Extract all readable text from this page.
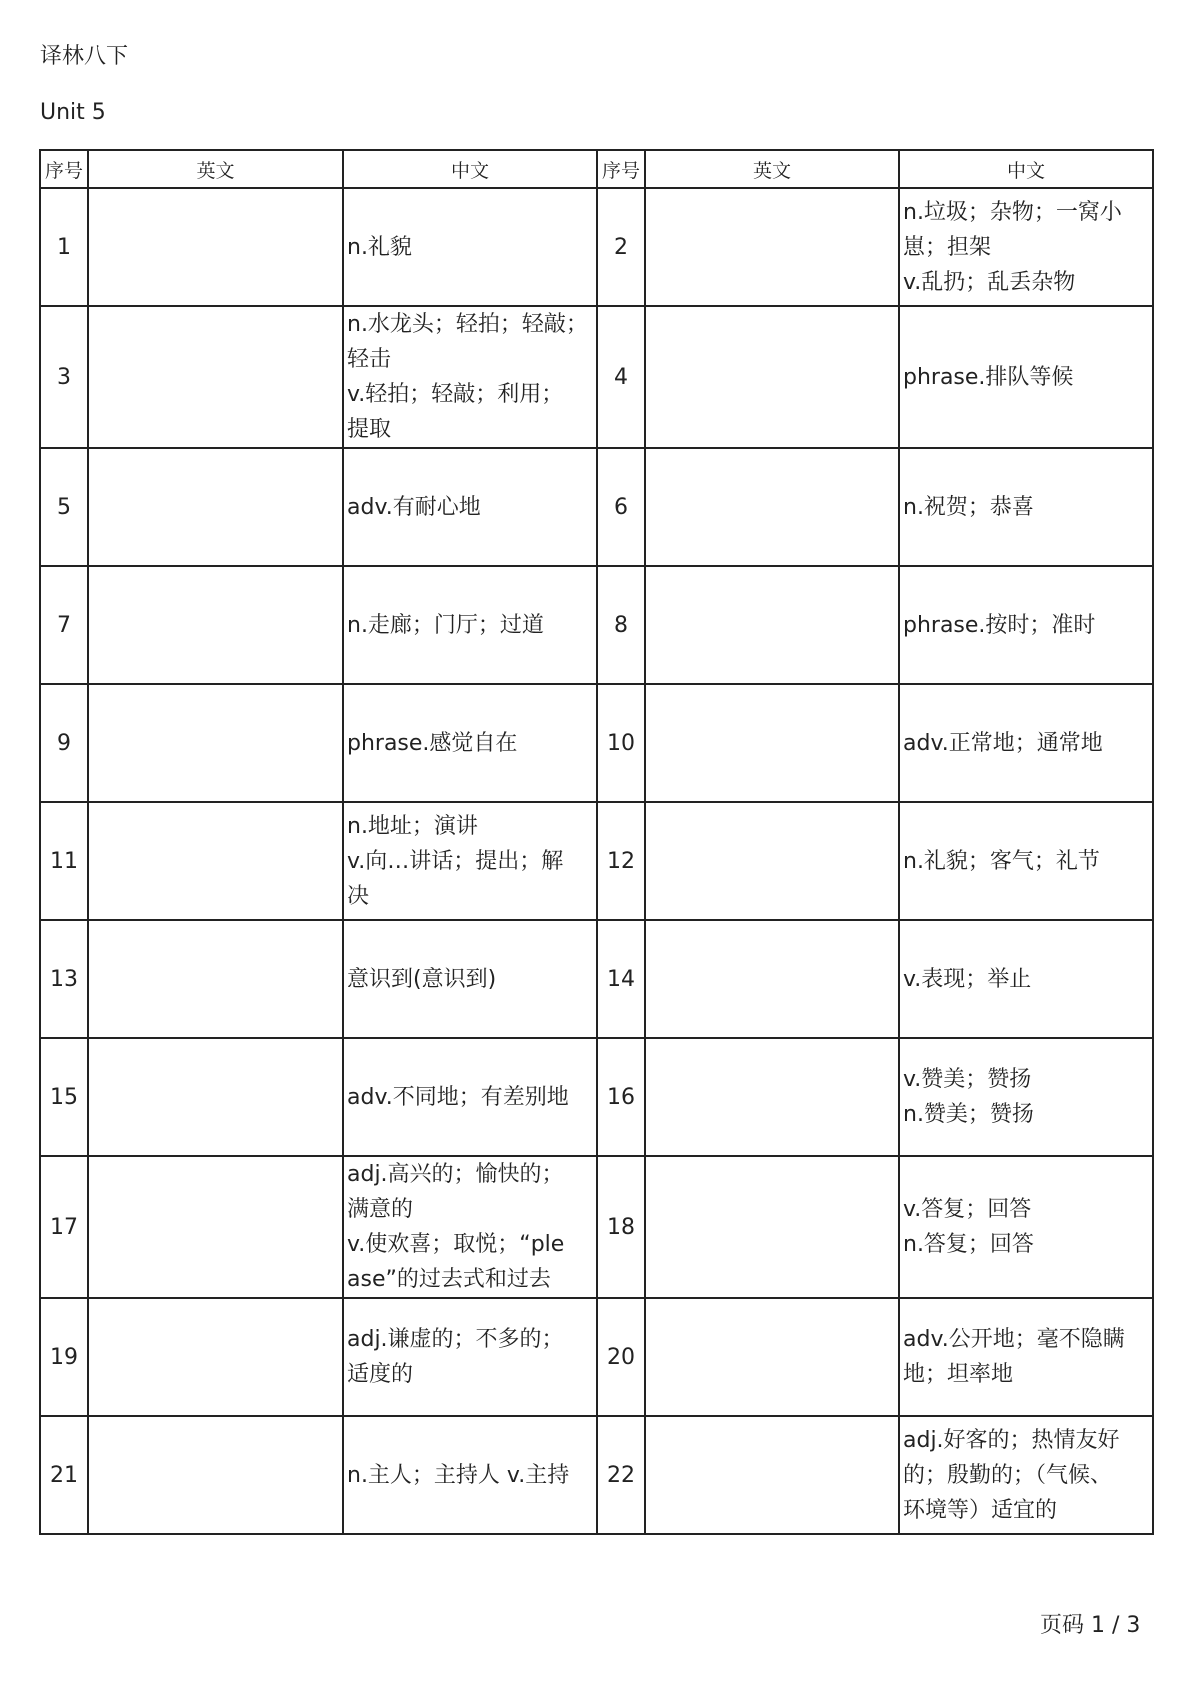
译林八下
Unit 5
序号	英文	中文	序号	英文	中文
1		n.礼貌	2		n.垃圾；杂物；一窝小
崽；担架
v.乱扔；乱丢杂物

3		n.水龙头；轻拍；轻敲；
轻击
v.轻拍；轻敲；利用；
提取	4		phrase.排队等候

5		adv.有耐心地	6		n.祝贺；恭喜

7		n.走廊；门厅；过道	8		phrase.按时；准时

9		phrase.感觉自在	10		adv.正常地；通常地

11		n.地址；演讲
v.向…讲话；提出；解
决	12		n.礼貌；客气；礼节

13		意识到(意识到)	14		v.表现；举止

15		adv.不同地；有差别地	16		v.赞美；赞扬
n.赞美；赞扬

17		adj.高兴的；愉快的；
满意的
v.使欢喜；取悦；“ple
ase”的过去式和过去	18		v.答复；回答
n.答复；回答

19		adj.谦虚的；不多的；
适度的	20		adv.公开地；毫不隐瞒
地；坦率地

21		n.主人；主持人 v.主持	22		adj.好客的；热情友好
的；殷勤的；（气候、
环境等）适宜的
页码 1 / 3
